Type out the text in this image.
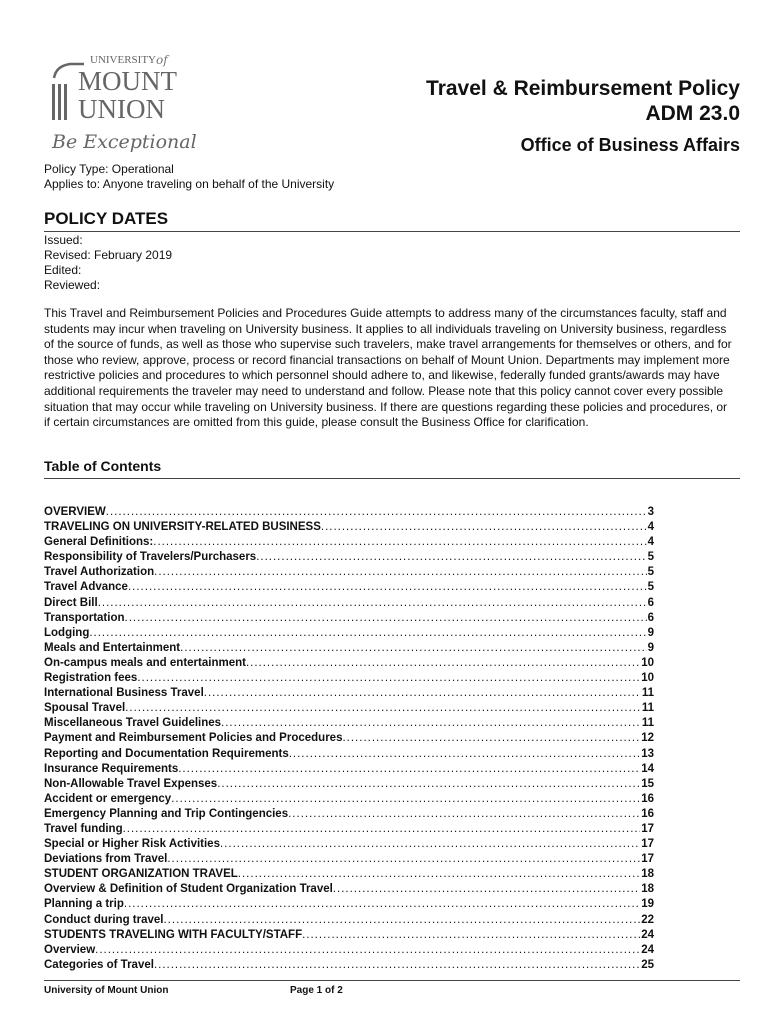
UNIVERSITY of
MOUNT
UNION
Be Exceptional
Travel & Reimbursement Policy
ADM 23.0
Office of Business Affairs
Policy Type: Operational
Applies to: Anyone traveling on behalf of the University
POLICY DATES
Issued:
Revised: February 2019
Edited:
Reviewed:
This Travel and Reimbursement Policies and Procedures Guide attempts to address many of the circumstances faculty, staff and students may incur when traveling on University business. It applies to all individuals traveling on University business, regardless of the source of funds, as well as those who supervise such travelers, make travel arrangements for themselves or others, and for those who review, approve, process or record financial transactions on behalf of Mount Union. Departments may implement more restrictive policies and procedures to which personnel should adhere to, and likewise, federally funded grants/awards may have additional requirements the traveler may need to understand and follow. Please note that this policy cannot cover every possible situation that may occur while traveling on University business. If there are questions regarding these policies and procedures, or if certain circumstances are omitted from this guide, please consult the Business Office for clarification.
Table of Contents
OVERVIEW .....	3
TRAVELING ON UNIVERSITY-RELATED BUSINESS .....	4
General Definitions: .....	4
Responsibility of Travelers/Purchasers .....	5
Travel Authorization .....	5
Travel Advance .....	5
Direct Bill .....	6
Transportation .....	6
Lodging .....	9
Meals and Entertainment .....	9
On-campus meals and entertainment .....	10
Registration fees .....	10
International Business Travel .....	11
Spousal Travel .....	11
Miscellaneous Travel Guidelines .....	11
Payment and Reimbursement Policies and Procedures .....	12
Reporting and Documentation Requirements .....	13
Insurance Requirements .....	14
Non-Allowable Travel Expenses .....	15
Accident or emergency .....	16
Emergency Planning and Trip Contingencies .....	16
Travel funding .....	17
Special or Higher Risk Activities .....	17
Deviations from Travel .....	17
STUDENT ORGANIZATION TRAVEL .....	18
Overview & Definition of Student Organization Travel .....	18
Planning a trip .....	19
Conduct during travel .....	22
STUDENTS TRAVELING WITH FACULTY/STAFF .....	24
Overview .....	24
Categories of Travel .....	25
University of Mount Union	Page 1 of 2
